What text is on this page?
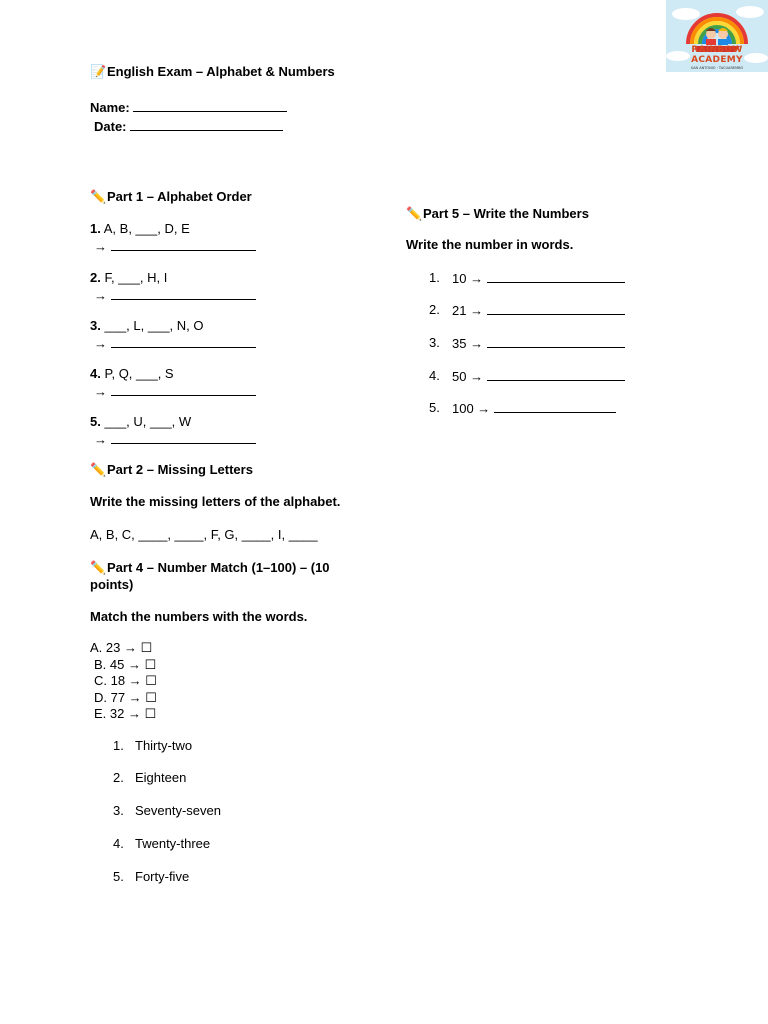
RAINBOW
ACADEMY
SAN ANTONIO · TACUAREMBÓ
📝English Exam – Alphabet & Numbers
Name:
Date:
✏️Part 1 – Alphabet Order
1. A, B, ___, D, E
→
2. F, ___, H, I
→
3. ___, L, ___, N, O
→
4. P, Q, ___, S
→
5. ___, U, ___, W
→
✏️Part 2 – Missing Letters
Write the missing letters of the alphabet.
A, B, C, ____, ____, F, G, ____, I, ____
✏️Part 4 – Number Match (1–100) – (10
points)
Match the numbers with the words.
A. 23 → ☐
B. 45 → ☐
C. 18 → ☐
D. 77 → ☐
E. 32 → ☐
1. Thirty-two
2. Eighteen
3. Seventy-seven
4. Twenty-three
5. Forty-five
✏️Part 5 – Write the Numbers
Write the number in words.
1. 10 →
2. 21 →
3. 35 →
4. 50 →
5. 100 →
